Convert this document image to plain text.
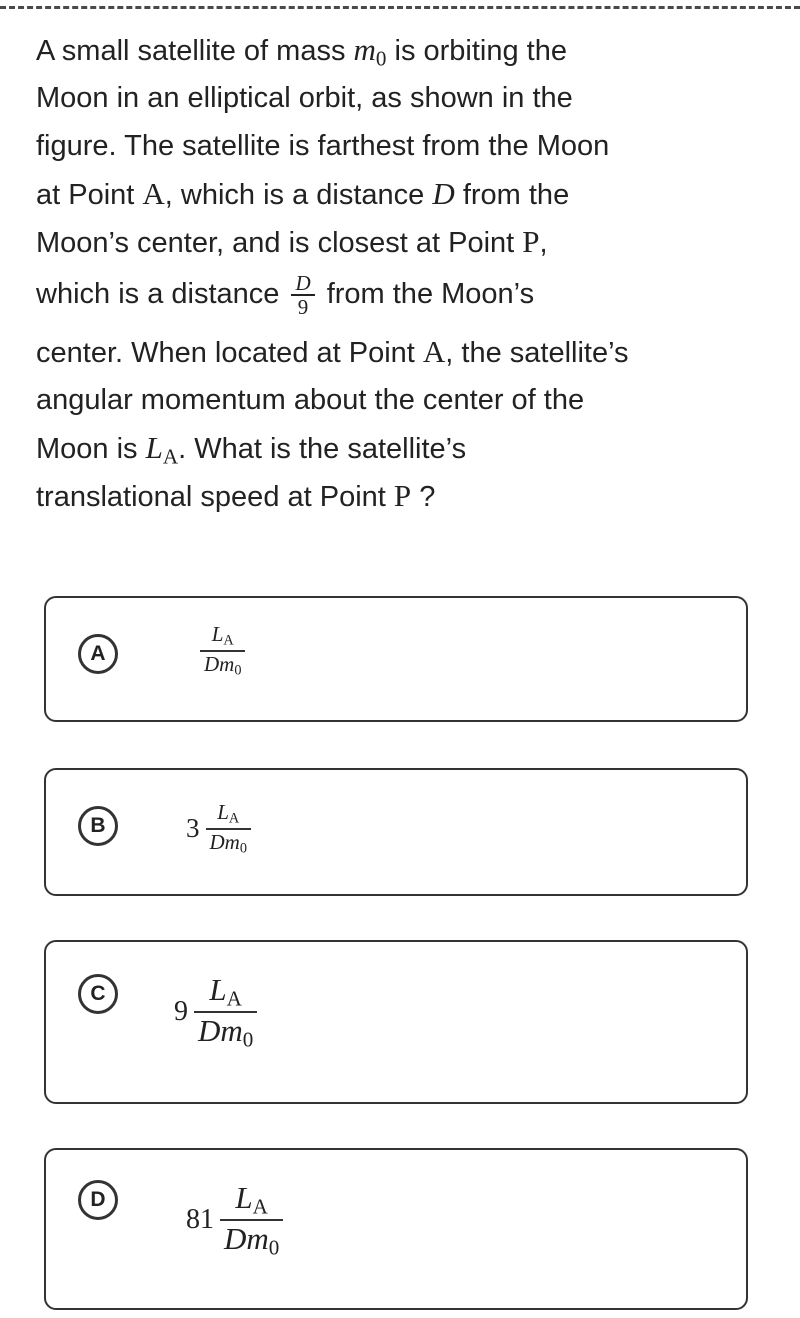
A small satellite of mass $m_0$ is orbiting the
Moon in an elliptical orbit, as shown in the
figure. The satellite is farthest from the Moon
at Point A, which is a distance D from the
Moon’s center, and is closest at Point P,
which is a distance $\frac{D}{9}$ from the Moon’s
center. When located at Point A, the satellite’s
angular momentum about the center of the
Moon is $L_A$. What is the satellite’s
translational speed at Point P ?
A	$\frac{L_A}{Dm_0}$
B	$3 \frac{L_A}{Dm_0}$
C
$9 \frac{L_A}{Dm_0}$
D
$81 \frac{L_A}{Dm_0}$
